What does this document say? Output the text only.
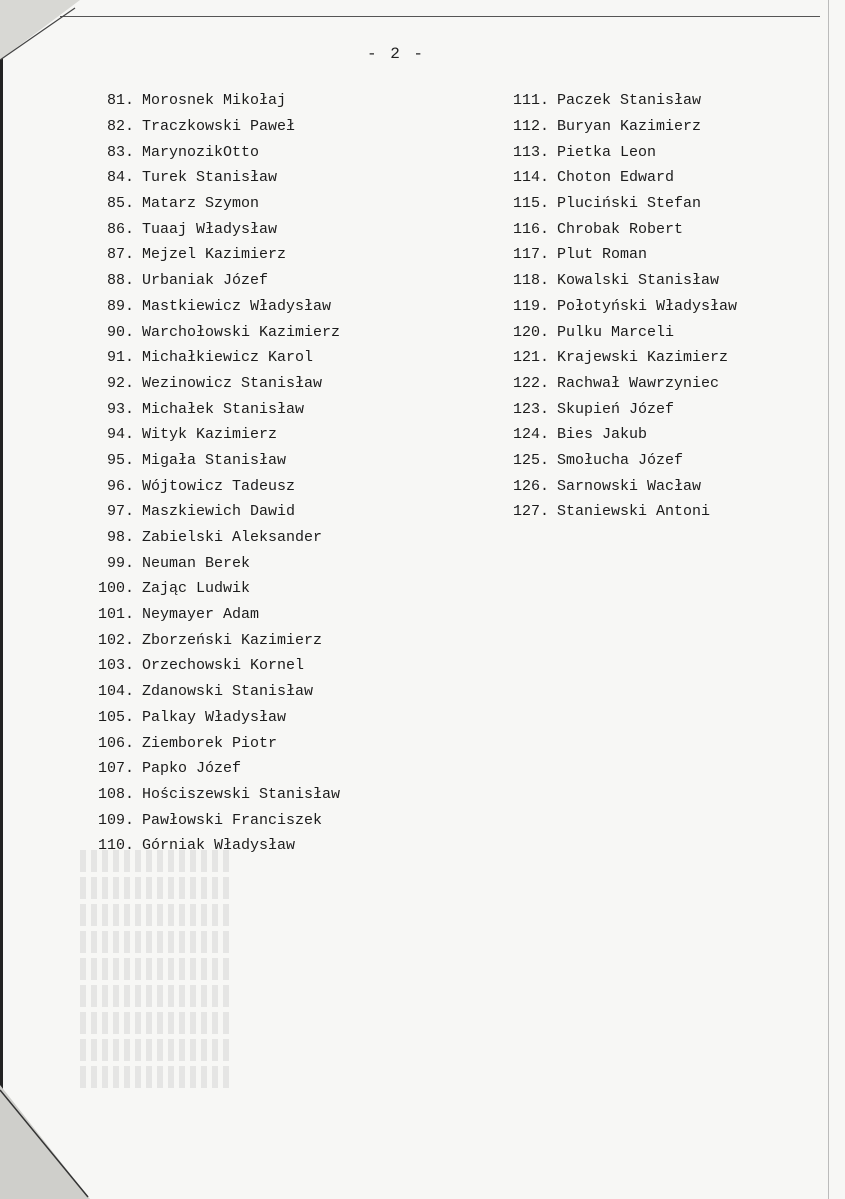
- 2 -
81. Morosnek Mikołaj
82. Traczkowski Paweł
83. MarynozikOtto
84. Turek Stanisław
85. Matarz Szymon
86. Tuaaj Władysław
87. Mejzel Kazimierz
88. Urbaniak Józef
89. Mastkiewicz Władysław
90. Warchołowski Kazimierz
91. Michałkiewicz Karol
92. Wezinowicz Stanisław
93. Michałek Stanisław
94. Wityk Kazimierz
95. Migała Stanisław
96. Wójtowicz Tadeusz
97. Maszkiewich Dawid
98. Zabielski Aleksander
99. Neuman Berek
100. Zając Ludwik
101. Neymayer Adam
102. Zborzeński Kazimierz
103. Orzechowski Kornel
104. Zdanowski Stanisław
105. Palkay Władysław
106. Ziemborek Piotr
107. Papko Józef
108. Hościszewski Stanisław
109. Pawłowski Franciszek
110. Górniak Władysław
111. Paczek Stanisław
112. Buryan Kazimierz
113. Pietka Leon
114. Choton Edward
115. Pluciński Stefan
116. Chrobak Robert
117. Plut Roman
118. Kowalski Stanisław
119. Połotyński Władysław
120. Pulku Marceli
121. Krajewski Kazimierz
122. Rachwał Wawrzyniec
123. Skupień Józef
124. Bies Jakub
125. Smołucha Józef
126. Sarnowski Wacław
127. Staniewski Antoni
